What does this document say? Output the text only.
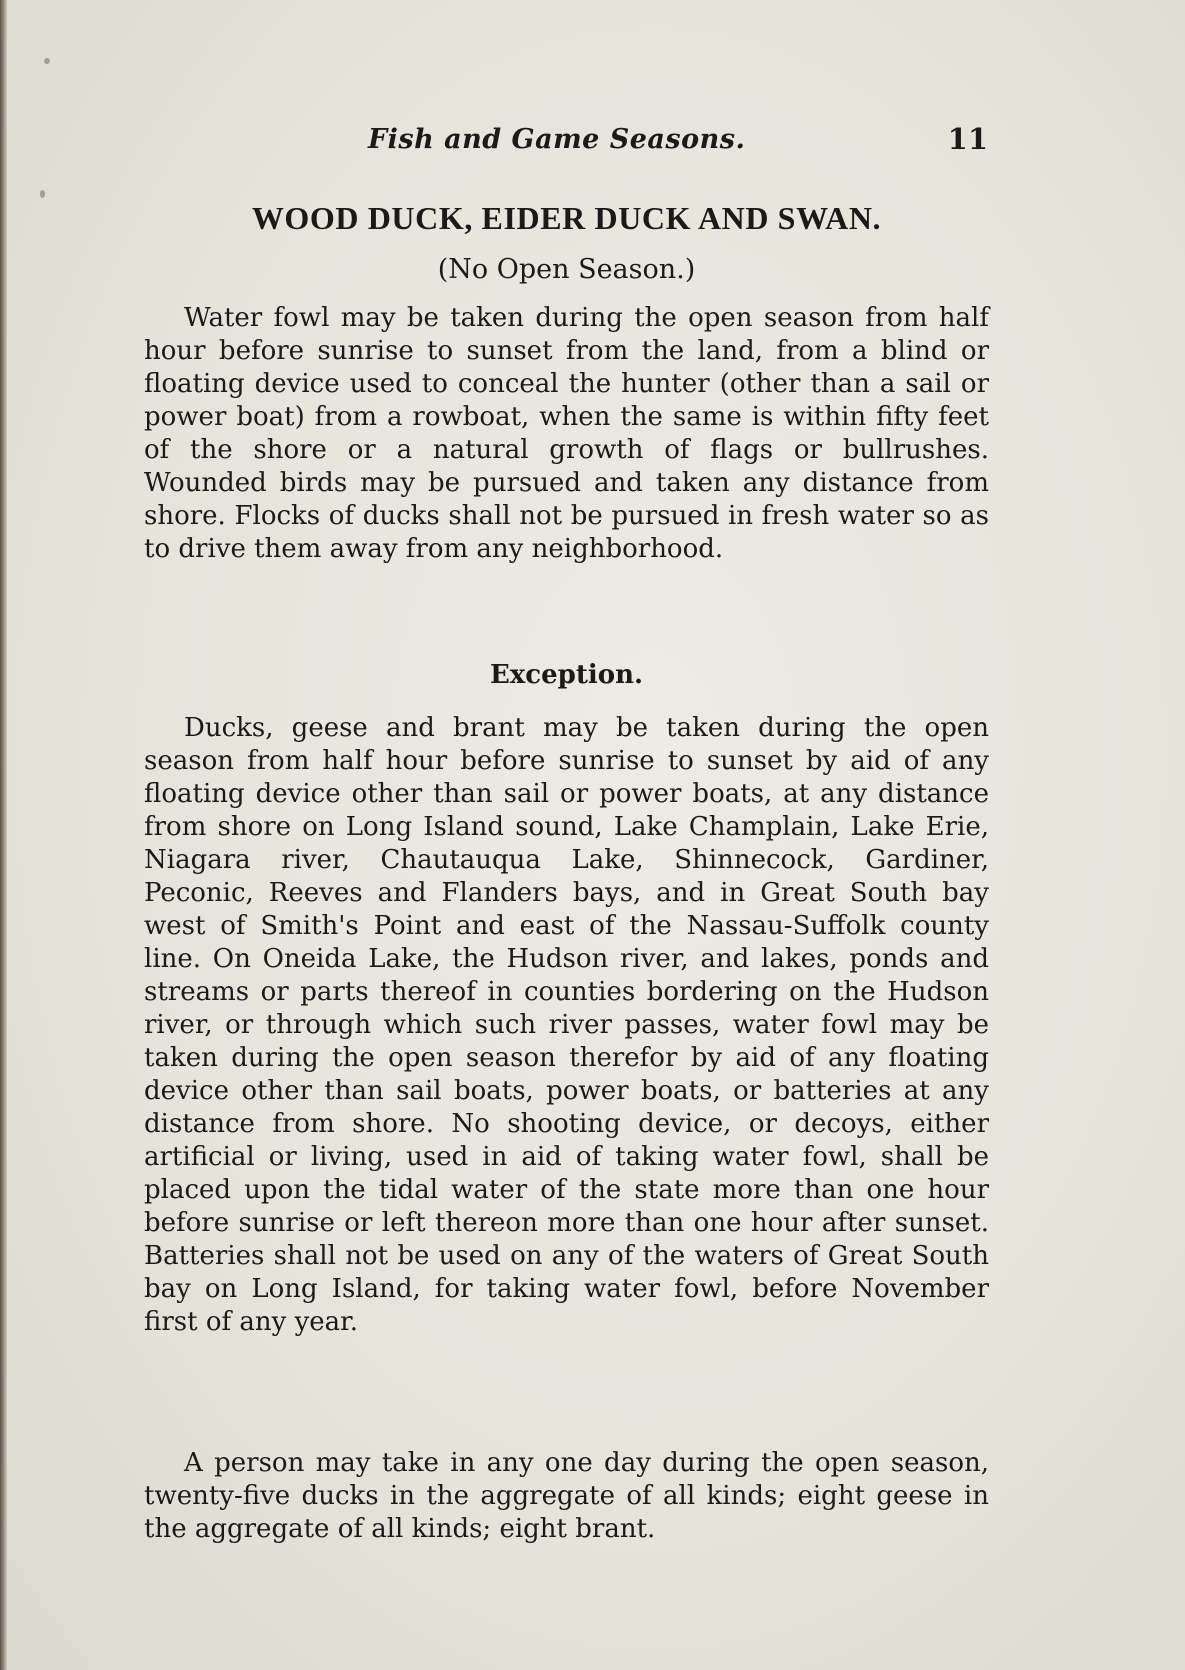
Fish and Game Seasons.	11
WOOD DUCK, EIDER DUCK AND SWAN.
(No Open Season.)

Water fowl may be taken during the open season from half hour before sunrise to sunset from the land, from a blind or floating device used to conceal the hunter (other than a sail or power boat) from a rowboat, when the same is within fifty feet of the shore or a natural growth of flags or bullrushes. Wounded birds may be pursued and taken any distance from shore. Flocks of ducks shall not be pursued in fresh water so as to drive them away from any neighborhood.

Exception.

Ducks, geese and brant may be taken during the open season from half hour before sunrise to sunset by aid of any floating device other than sail or power boats, at any distance from shore on Long Island sound, Lake Champlain, Lake Erie, Niagara river, Chautauqua Lake, Shinnecock, Gardiner, Peconic, Reeves and Flanders bays, and in Great South bay west of Smith's Point and east of the Nassau-Suffolk county line. On Oneida Lake, the Hudson river, and lakes, ponds and streams or parts thereof in counties bordering on the Hudson river, or through which such river passes, water fowl may be taken during the open season therefor by aid of any floating device other than sail boats, power boats, or batteries at any distance from shore. No shooting device, or decoys, either artificial or living, used in aid of taking water fowl, shall be placed upon the tidal water of the state more than one hour before sunrise or left thereon more than one hour after sunset. Batteries shall not be used on any of the waters of Great South bay on Long Island, for taking water fowl, before November first of any year.

A person may take in any one day during the open season, twenty-five ducks in the aggregate of all kinds; eight geese in the aggregate of all kinds; eight brant.
